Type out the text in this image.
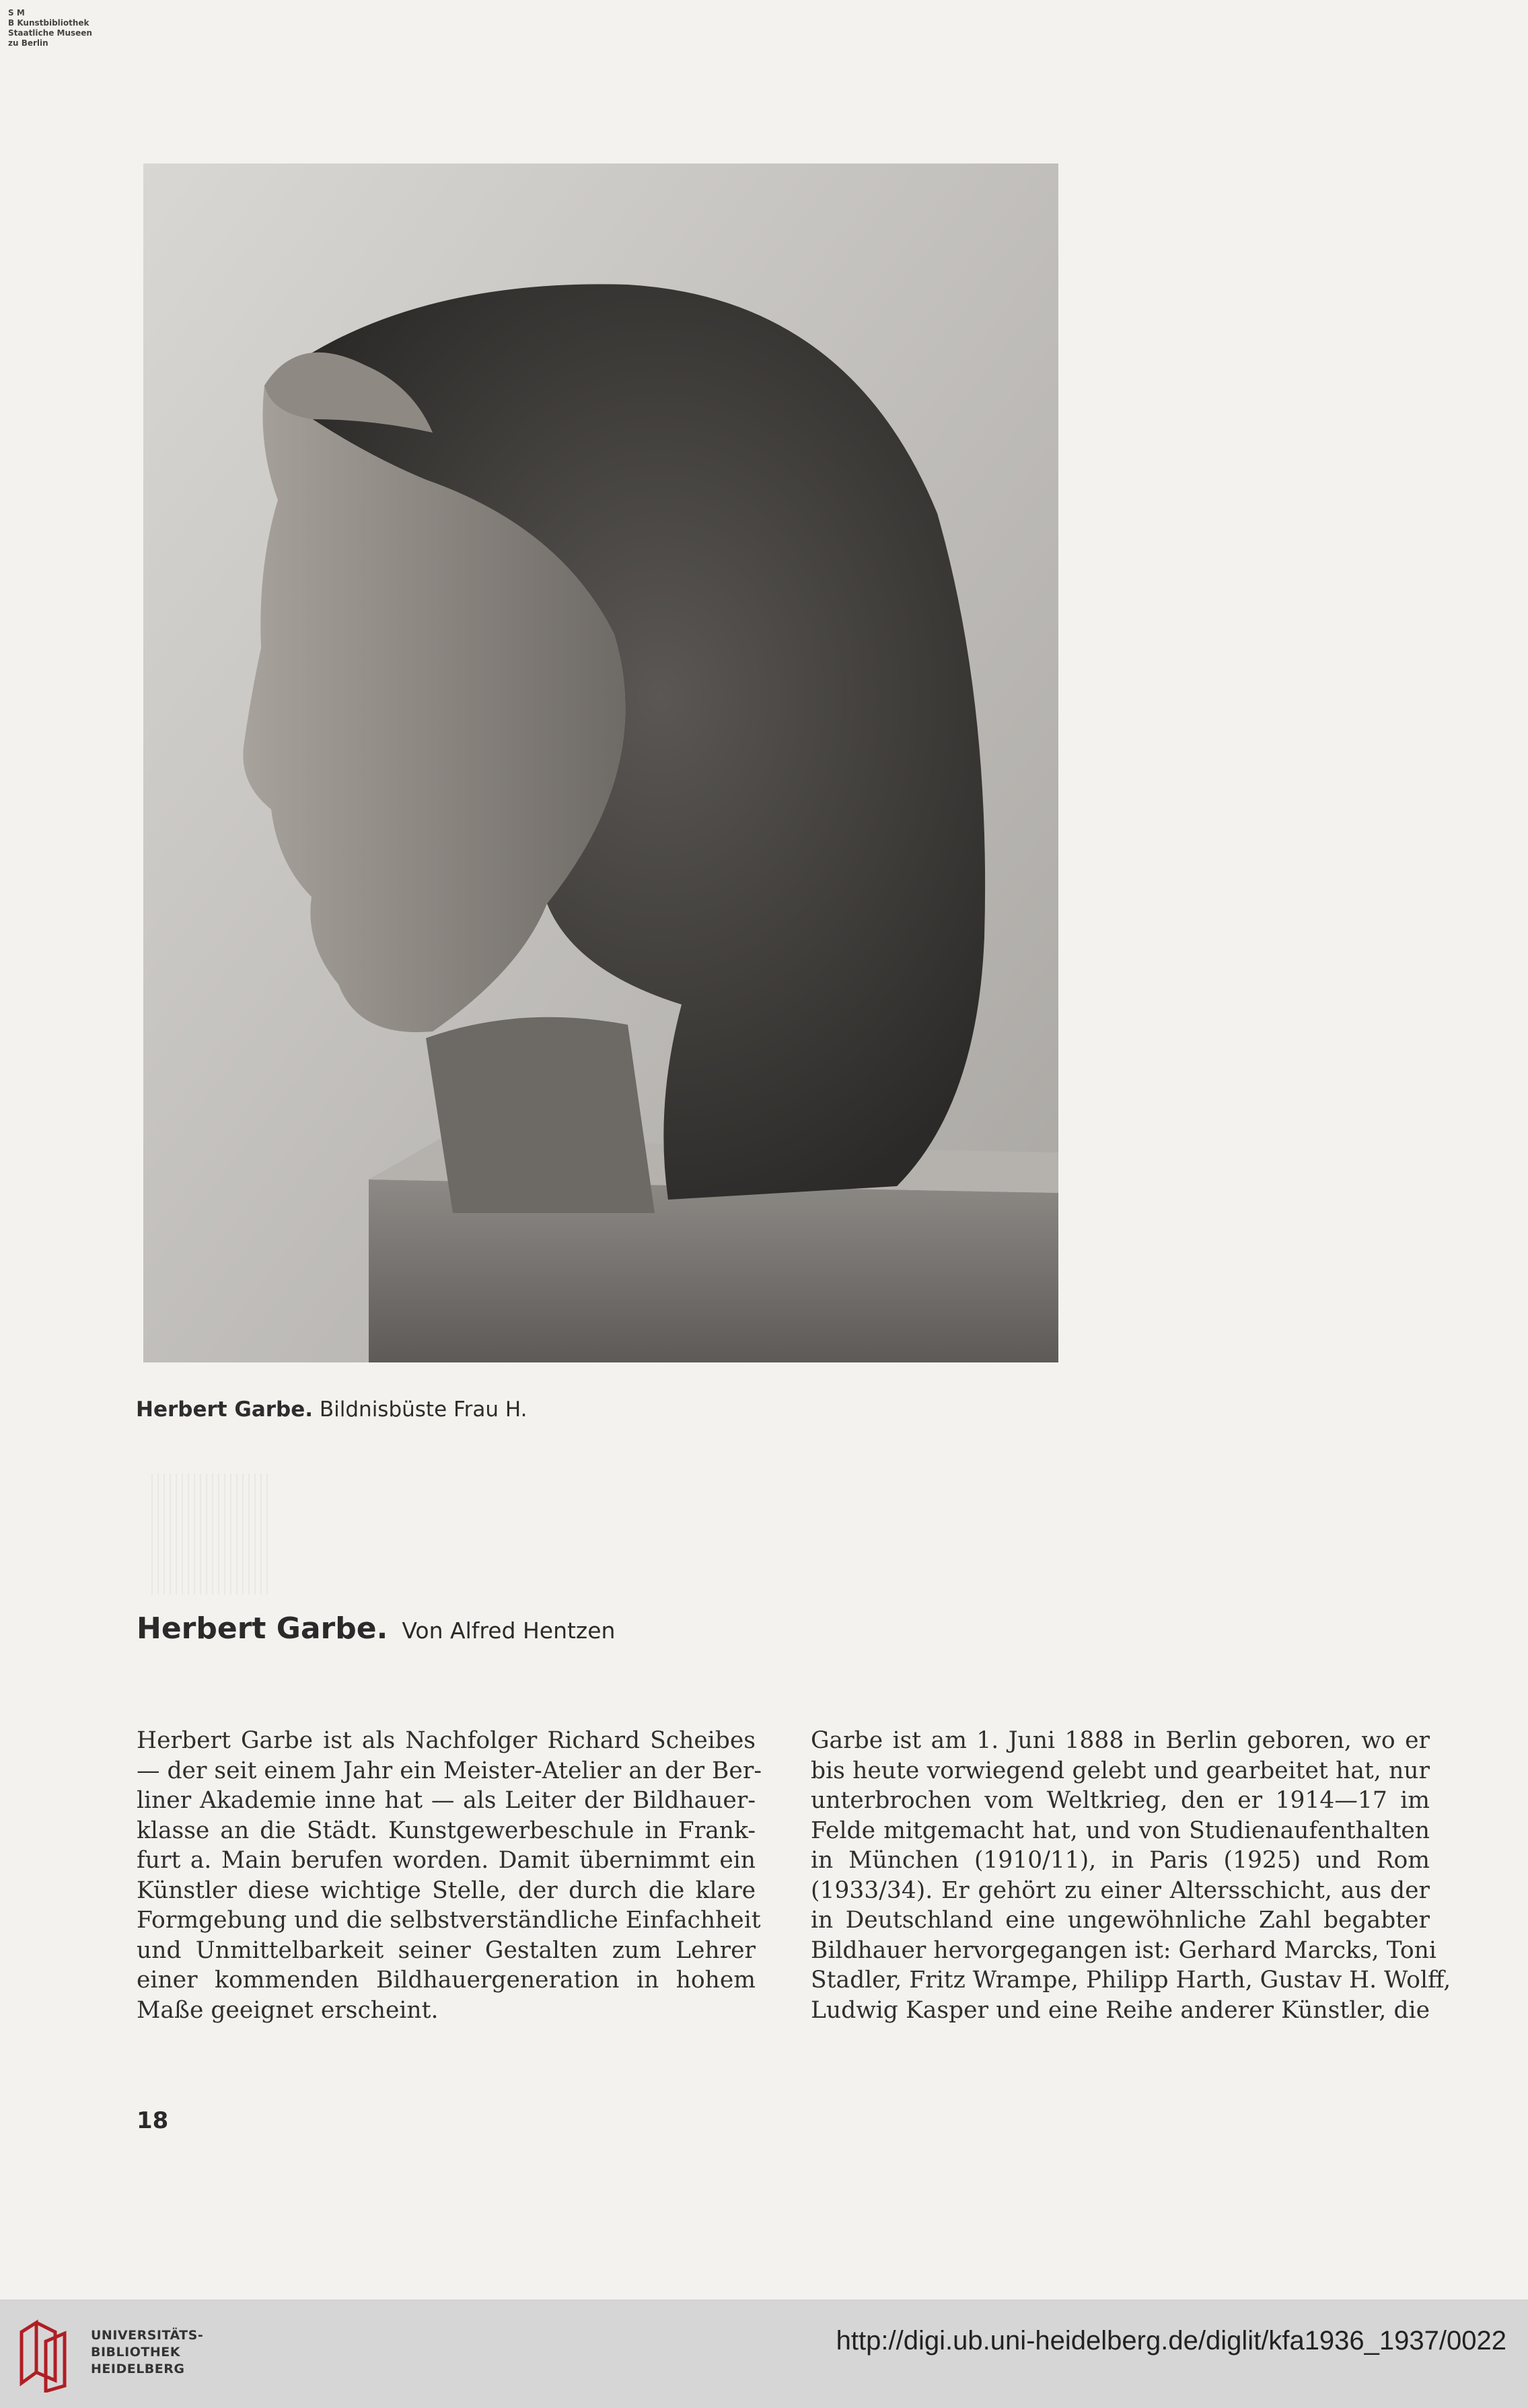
S M
B Kunstbibliothek
Staatliche Museen
zu Berlin
Herbert Garbe. Bildnisbüste Frau H.
Herbert Garbe. Von Alfred Hentzen
Herbert Garbe ist als Nachfolger Richard Scheibes
— der seit einem Jahr ein Meister-Atelier an der Ber-
liner Akademie inne hat — als Leiter der Bildhauer-
klasse an die Städt. Kunstgewerbeschule in Frank-
furt a. Main berufen worden. Damit übernimmt ein
Künstler diese wichtige Stelle, der durch die klare
Formgebung und die selbstverständliche Einfachheit
und Unmittelbarkeit seiner Gestalten zum Lehrer
einer kommenden Bildhauergeneration in hohem
Maße geeignet erscheint.
Garbe ist am 1. Juni 1888 in Berlin geboren, wo er
bis heute vorwiegend gelebt und gearbeitet hat, nur
unterbrochen vom Weltkrieg, den er 1914—17 im
Felde mitgemacht hat, und von Studienaufenthalten
in München (1910/11), in Paris (1925) und Rom
(1933/34). Er gehört zu einer Altersschicht, aus der
in Deutschland eine ungewöhnliche Zahl begabter
Bildhauer hervorgegangen ist: Gerhard Marcks, Toni
Stadler, Fritz Wrampe, Philipp Harth, Gustav H. Wolff,
Ludwig Kasper und eine Reihe anderer Künstler, die
18
UNIVERSITÄTS-
BIBLIOTHEK
HEIDELBERG
http://digi.ub.uni-heidelberg.de/diglit/kfa1936_1937/0022
